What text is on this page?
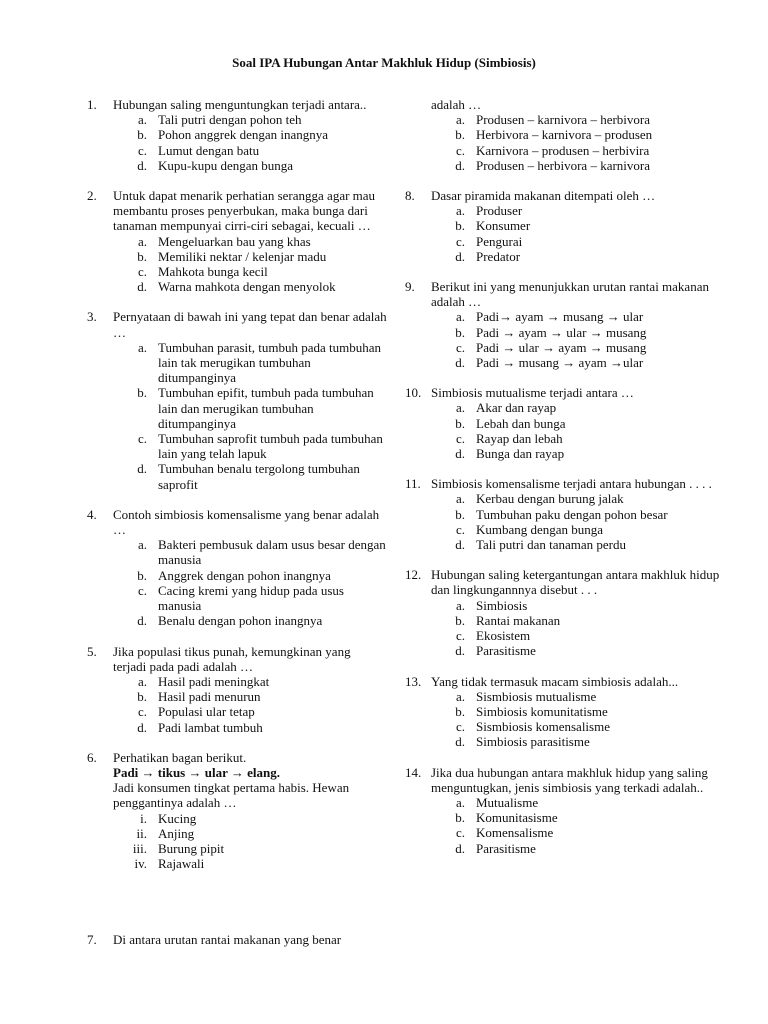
Soal IPA Hubungan Antar Makhluk Hidup (Simbiosis)
1.	Hubungan saling menguntungkan terjadi antara..
a. Tali putri dengan pohon teh
b. Pohon anggrek dengan inangnya
c. Lumut dengan batu
d. Kupu-kupu dengan bunga
2.	Untuk dapat menarik perhatian serangga agar mau membantu proses penyerbukan, maka bunga dari tanaman mempunyai cirri-ciri sebagai, kecuali …
a. Mengeluarkan bau yang khas
b. Memiliki nektar / kelenjar madu
c. Mahkota bunga kecil
d. Warna mahkota dengan menyolok
3.	Pernyataan di bawah ini yang tepat dan benar adalah …
a. Tumbuhan parasit, tumbuh pada tumbuhan lain tak merugikan tumbuhan ditumpanginya
b. Tumbuhan epifit, tumbuh pada tumbuhan lain dan merugikan tumbuhan ditumpanginya
c. Tumbuhan saprofit tumbuh pada tumbuhan lain yang telah lapuk
d. Tumbuhan benalu tergolong tumbuhan saprofit
4.	Contoh simbiosis komensalisme yang benar adalah …
a. Bakteri pembusuk dalam usus besar dengan manusia
b. Anggrek dengan pohon inangnya
c. Cacing kremi yang hidup pada usus manusia
d. Benalu dengan pohon inangnya
5.	Jika populasi tikus punah, kemungkinan yang terjadi pada padi adalah …
a. Hasil padi meningkat
b. Hasil padi menurun
c. Populasi ular tetap
d. Padi lambat tumbuh
6.	Perhatikan bagan berikut.
Padi → tikus → ular → elang.
Jadi konsumen tingkat pertama habis. Hewan penggantinya adalah …
i. Kucing
ii. Anjing
iii. Burung pipit
iv. Rajawali
7.	Di antara urutan rantai makanan yang benar
adalah …
a. Produsen – karnivora – herbivora
b. Herbivora – karnivora – produsen
c. Karnivora – produsen – herbivira
d. Produsen – herbivora – karnivora
8.	Dasar piramida makanan ditempati oleh …
a. Produser
b. Konsumer
c. Pengurai
d. Predator
9.	Berikut ini yang menunjukkan urutan rantai makanan adalah …
a. Padi→ ayam → musang → ular
b. Padi → ayam → ular → musang
c. Padi → ular → ayam → musang
d. Padi → musang → ayam →ular
10. Simbiosis mutualisme terjadi antara …
a. Akar dan rayap
b. Lebah dan bunga
c. Rayap dan lebah
d. Bunga dan rayap
11. Simbiosis komensalisme terjadi antara hubungan . . . .
a. Kerbau dengan burung jalak
b. Tumbuhan paku dengan pohon besar
c. Kumbang dengan bunga
d. Tali putri dan tanaman perdu
12. Hubungan saling ketergantungan antara makhluk hidup dan lingkungannnya disebut . . .
a. Simbiosis
b. Rantai makanan
c. Ekosistem
d. Parasitisme
13. Yang tidak termasuk macam simbiosis adalah...
a. Sismbiosis mutualisme
b. Simbiosis komunitatisme
c. Sismbiosis komensalisme
d. Simbiosis parasitisme
14. Jika dua hubungan antara makhluk hidup yang saling menguntugkan, jenis simbiosis yang terkadi adalah..
a. Mutualisme
b. Komunitasisme
c. Komensalisme
d. Parasitisme
